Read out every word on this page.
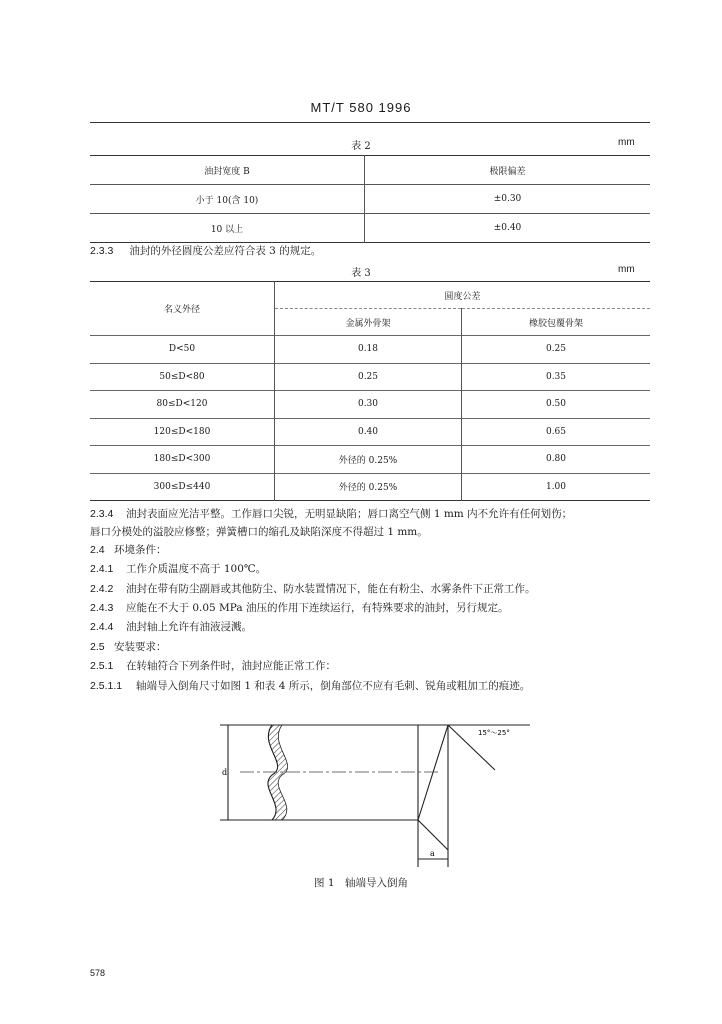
MT/T 580 1996
表 2	mm
油封宽度 B	极限偏差
小于 10(含 10)	±0.30
10 以上	±0.40
2.3.3 油封的外径圆度公差应符合表 3 的规定。
表 3	mm
名义外径	圆度公差	
	金属外骨架	橡胶包覆骨架
D<50	0.18	0.25
50≤D<80	0.25	0.35
80≤D<120	0.30	0.50
120≤D<180	0.40	0.65
180≤D<300	外径的 0.25%	0.80
300≤D≤440	外径的 0.25%	1.00
2.3.4 油封表面应光洁平整。工作唇口尖锐，无明显缺陷；唇口离空气侧 1 mm 内不允许有任何划伤；
唇口分模处的溢胶应修整；弹簧槽口的缩孔及缺陷深度不得超过 1 mm。
2.4 环境条件：
2.4.1 工作介质温度不高于 100℃。
2.4.2 油封在带有防尘副唇或其他防尘、防水装置情况下，能在有粉尘、水雾条件下正常工作。
2.4.3 应能在不大于 0.05 MPa 油压的作用下连续运行，有特殊要求的油封，另行规定。
2.4.4 油封轴上允许有油液浸溅。
2.5 安装要求：
2.5.1 在转轴符合下列条件时，油封应能正常工作：
2.5.1.1 轴端导入倒角尺寸如图 1 和表 4 所示，倒角部位不应有毛刺、锐角或粗加工的痕迹。
d
a
15°～25°
图 1　轴端导入倒角
578
